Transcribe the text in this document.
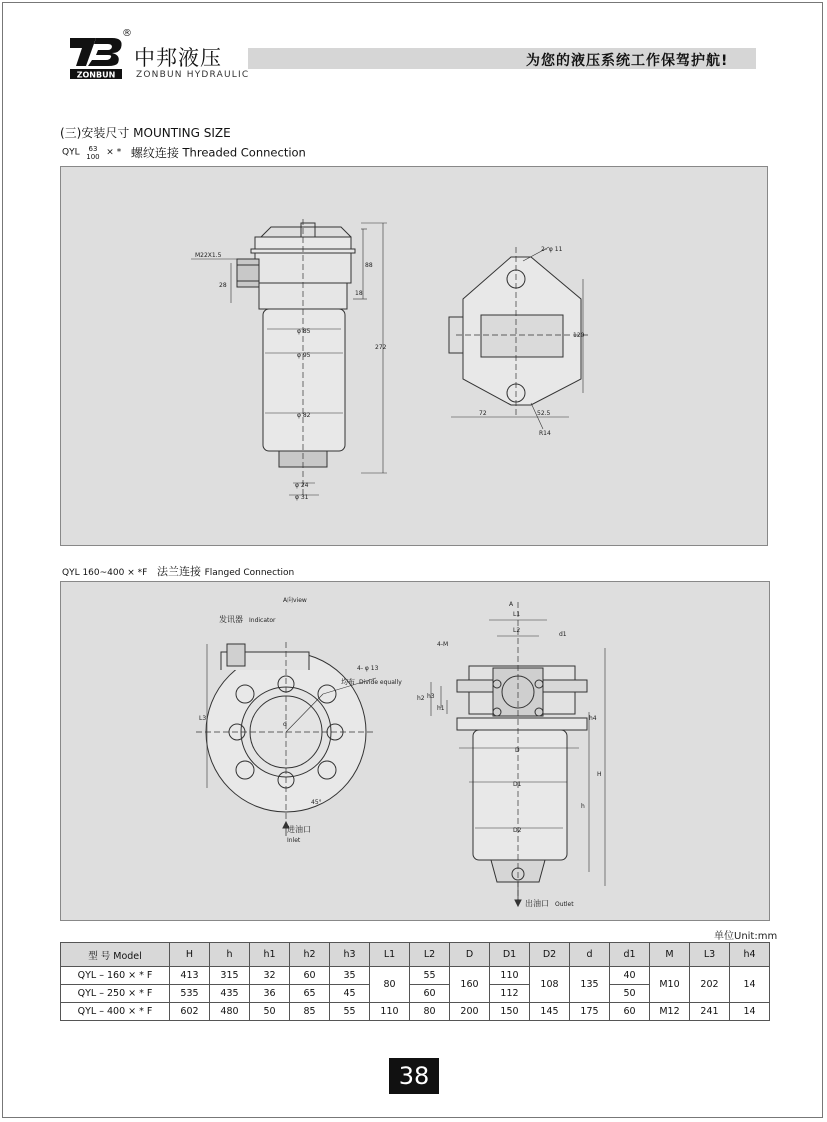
ZONBUN
®
中邦液压
ZONBUN HYDRAULIC
为您的液压系统工作保驾护航!
(三)安装尺寸 MOUNTING SIZE
QYL	63
100 × * 螺纹连接 Threaded Connection
M22X1.5
φ 85
φ 95
φ 82
φ 24
φ 31
88
18
272
28
2- φ 11
120
72	52.5
R14
QYL 160~400 × *F 法兰连接 Flanged Connection
A向 view
发讯器 Indicator
4- φ 13
均布 Divide equally
L3
d
45°
进油口
Inlet
A
L1
L2
d1
4-M
h1
h2 h3
h4
D
D1
D2
H
h
出油口 Outlet
单位Unit:mm
型 号 Model	H	h	h1	h2	h3	L1	L2	D	D1	D2	d	d1	M	L3	h4
QYL – 160 × * F	413	315	32	60	35	80	55	160	110	108	135	40	M10	202	14
QYL – 250 × * F	535	435	36	65	45		60		112			50			
QYL – 400 × * F	602	480	50	85	55	110	80	200	150	145	175	60	M12	241	14
38
